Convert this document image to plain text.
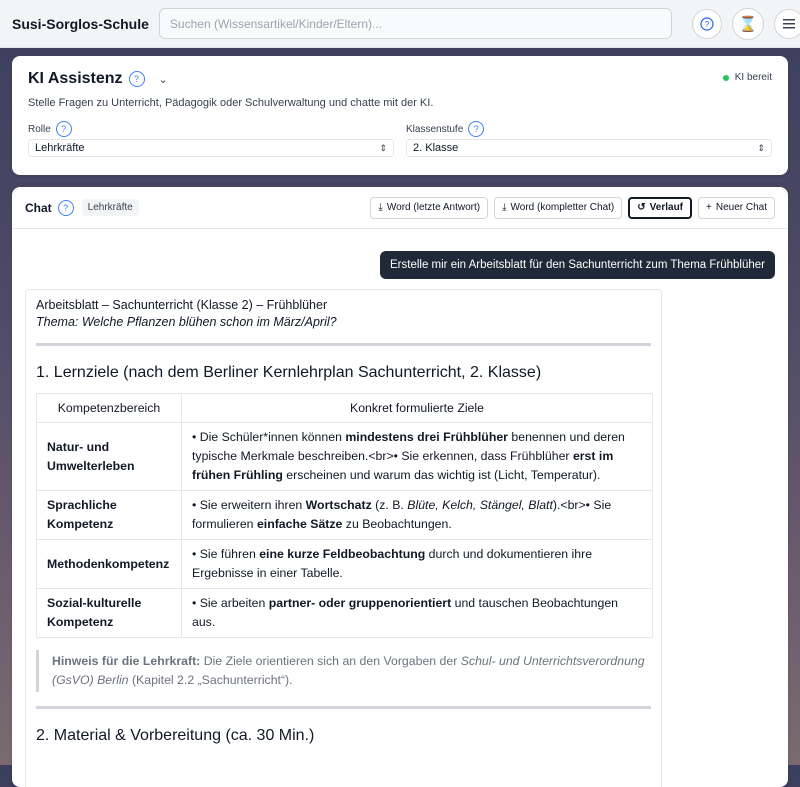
Susi-Sorglos-Schule
Suchen (Wissensartikel/Kinder/Eltern)...	?	⌛
KI Assistenz	?	⌄	KI bereit
Stelle Fragen zu Unterricht, Pädagogik oder Schulverwaltung und chatte mit der KI.
Rolle	?
Lehrkräfte	⇕
Klassenstufe	?
2. Klasse	⇕
Chat	?	Lehrkräfte	⤓ Word (letzte Antwort) ⤓ Word (kompletter Chat) ↺ Verlauf + Neuer Chat
Erstelle mir ein Arbeitsblatt für den Sachunterricht zum Thema Frühblüher
Arbeitsblatt – Sachunterricht (Klasse 2) – Frühblüher
Thema: Welche Pflanzen blühen schon im März/April?
1. Lernziele (nach dem Berliner Kernlehrplan Sachunterricht, 2. Klasse)
Kompetenzbereich	Konkret formulierte Ziele
Natur- und Umwelterleben	• Die Schüler*innen können mindestens drei Frühblüher benennen und deren typische Merkmale beschreiben.<br>• Sie erkennen, dass Frühblüher erst im frühen Frühling erscheinen und warum das wichtig ist (Licht, Temperatur).
Sprachliche Kompetenz	• Sie erweitern ihren Wortschatz (z. B. Blüte, Kelch, Stängel, Blatt).<br>• Sie formulieren einfache Sätze zu Beobachtungen.
Methodenkompetenz	• Sie führen eine kurze Feldbeobachtung durch und dokumentieren ihre Ergebnisse in einer Tabelle.
Sozial-kulturelle Kompetenz	• Sie arbeiten partner- oder gruppenorientiert und tauschen Beobachtungen aus.
Hinweis für die Lehrkraft: Die Ziele orientieren sich an den Vorgaben der Schul- und Unterrichtsverordnung (GsVO) Berlin (Kapitel 2.2 „Sachunterricht“).
2. Material & Vorbereitung (ca. 30 Min.)
